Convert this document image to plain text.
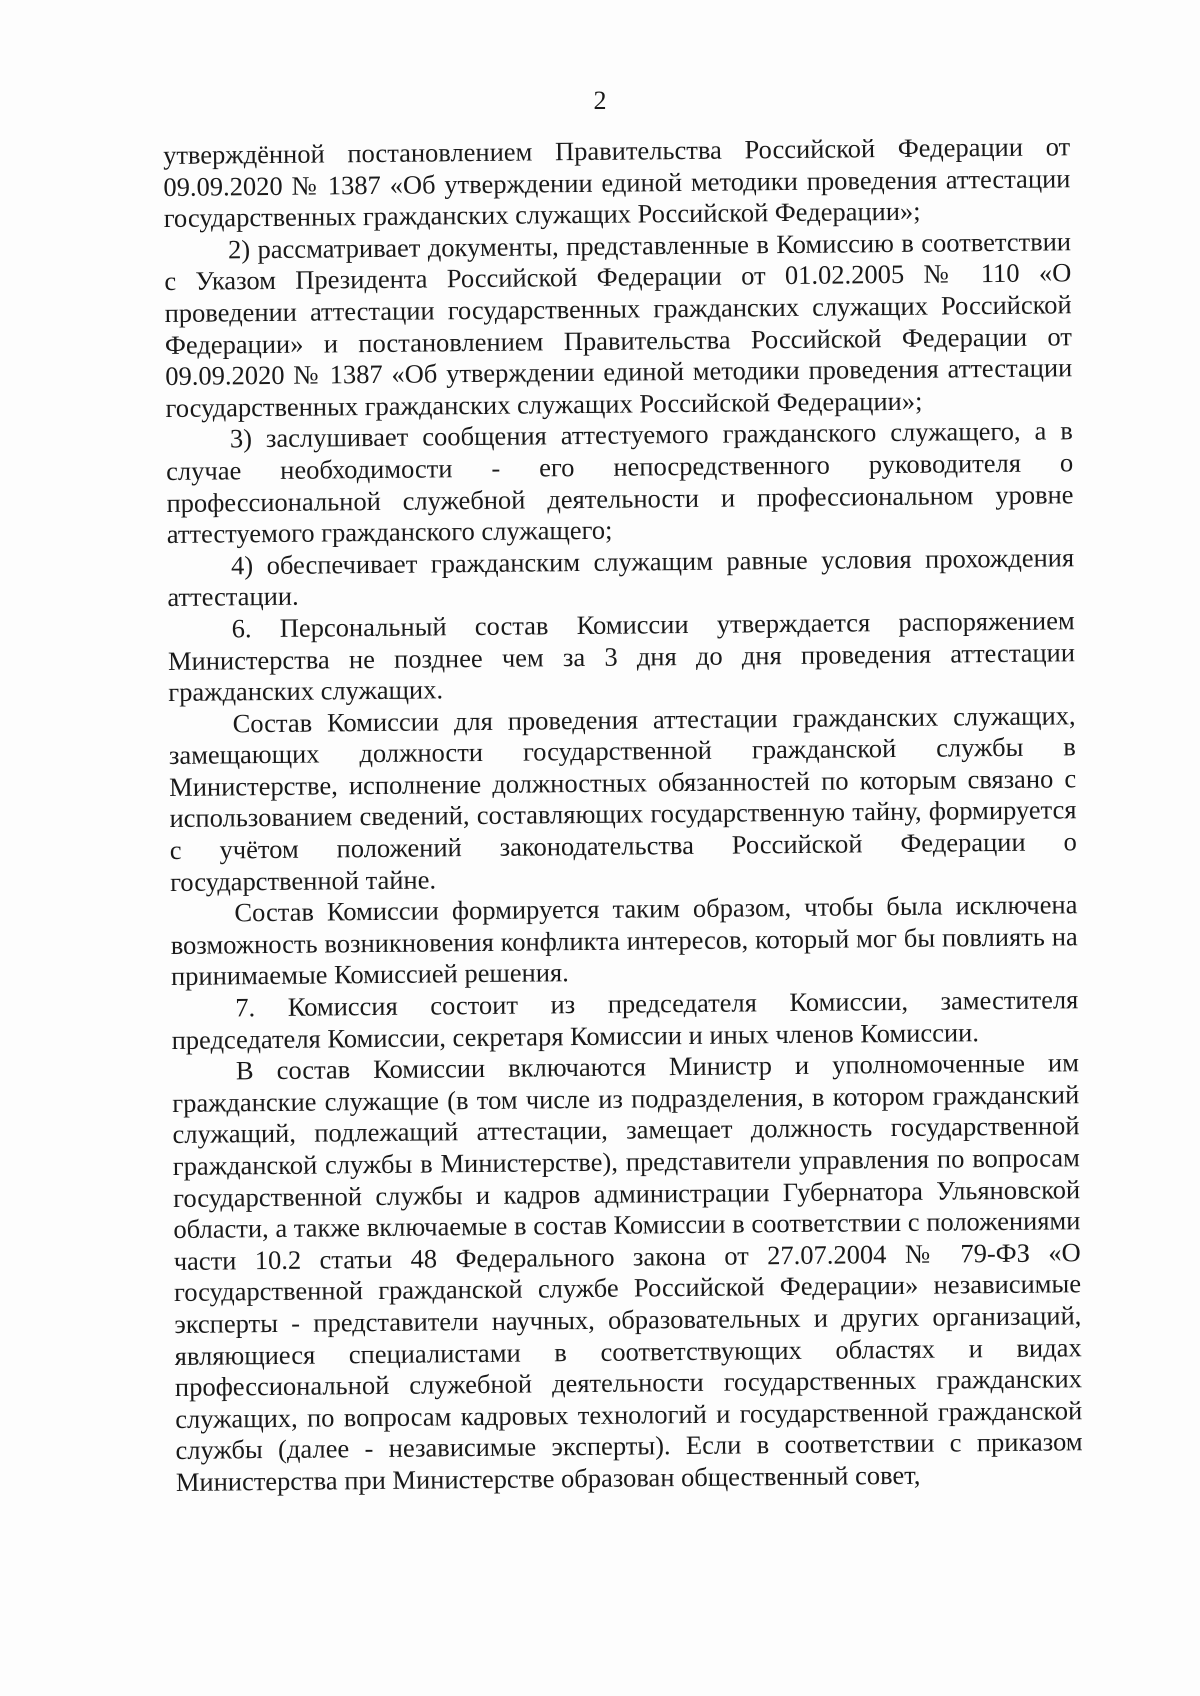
2

утверждённой постановлением Правительства Российской Федерации от 09.09.2020 № 1387 «Об утверждении единой методики проведения аттестации государственных гражданских служащих Российской Федерации»;

2) рассматривает документы, представленные в Комиссию в соответствии с Указом Президента Российской Федерации от 01.02.2005 № 110 «О проведении аттестации государственных гражданских служащих Российской Федерации» и постановлением Правительства Российской Федерации от 09.09.2020 № 1387 «Об утверждении единой методики проведения аттестации государственных гражданских служащих Российской Федерации»;

3) заслушивает сообщения аттестуемого гражданского служащего, а в случае необходимости - его непосредственного руководителя о профессиональной служебной деятельности и профессиональном уровне аттестуемого гражданского служащего;

4) обеспечивает гражданским служащим равные условия прохождения аттестации.

6. Персональный состав Комиссии утверждается распоряжением Министерства не позднее чем за 3 дня до дня проведения аттестации гражданских служащих.

Состав Комиссии для проведения аттестации гражданских служащих, замещающих должности государственной гражданской службы в Министерстве, исполнение должностных обязанностей по которым связано с использованием сведений, составляющих государственную тайну, формируется с учётом положений законодательства Российской Федерации о государственной тайне.

Состав Комиссии формируется таким образом, чтобы была исключена возможность возникновения конфликта интересов, который мог бы повлиять на принимаемые Комиссией решения.

7. Комиссия состоит из председателя Комиссии, заместителя председателя Комиссии, секретаря Комиссии и иных членов Комиссии.

В состав Комиссии включаются Министр и уполномоченные им гражданские служащие (в том числе из подразделения, в котором гражданский служащий, подлежащий аттестации, замещает должность государственной гражданской службы в Министерстве), представители управления по вопросам государственной службы и кадров администрации Губернатора Ульяновской области, а также включаемые в состав Комиссии в соответствии с положениями части 10.2 статьи 48 Федерального закона от 27.07.2004 № 79-ФЗ «О государственной гражданской службе Российской Федерации» независимые эксперты - представители научных, образовательных и других организаций, являющиеся специалистами в соответствующих областях и видах профессиональной служебной деятельности государственных гражданских служащих, по вопросам кадровых технологий и государственной гражданской службы (далее - независимые эксперты). Если в соответствии с приказом Министерства при Министерстве образован общественный совет,
